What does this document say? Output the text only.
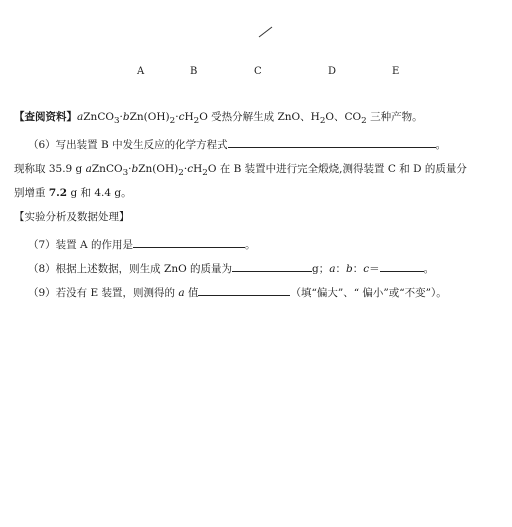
A	B	C	D	E
【查阅资料】$aZnCO_3\cdot bZn(OH)_2\cdot cH_2O$ 受热分解生成 ZnO、$H_2O$、$CO_2$ 三种产物。
（6）写出装置 B 中发生反应的化学方程式	。
现称取 35.9 g $aZnCO_3\cdot bZn(OH)_2\cdot cH_2O$ 在 B 装置中进行完全煅烧,测得装置 C 和 D 的质量分
别增重 7.2 g 和 4.4 g。
【实验分析及数据处理】
（7）装置 A 的作用是	。
（8）根据上述数据，则生成 ZnO 的质量为	g；a：b：c＝	。
（9）若没有 E 装置，则测得的 a 值	（填“偏大”、“ 偏小”或“不变”）。
